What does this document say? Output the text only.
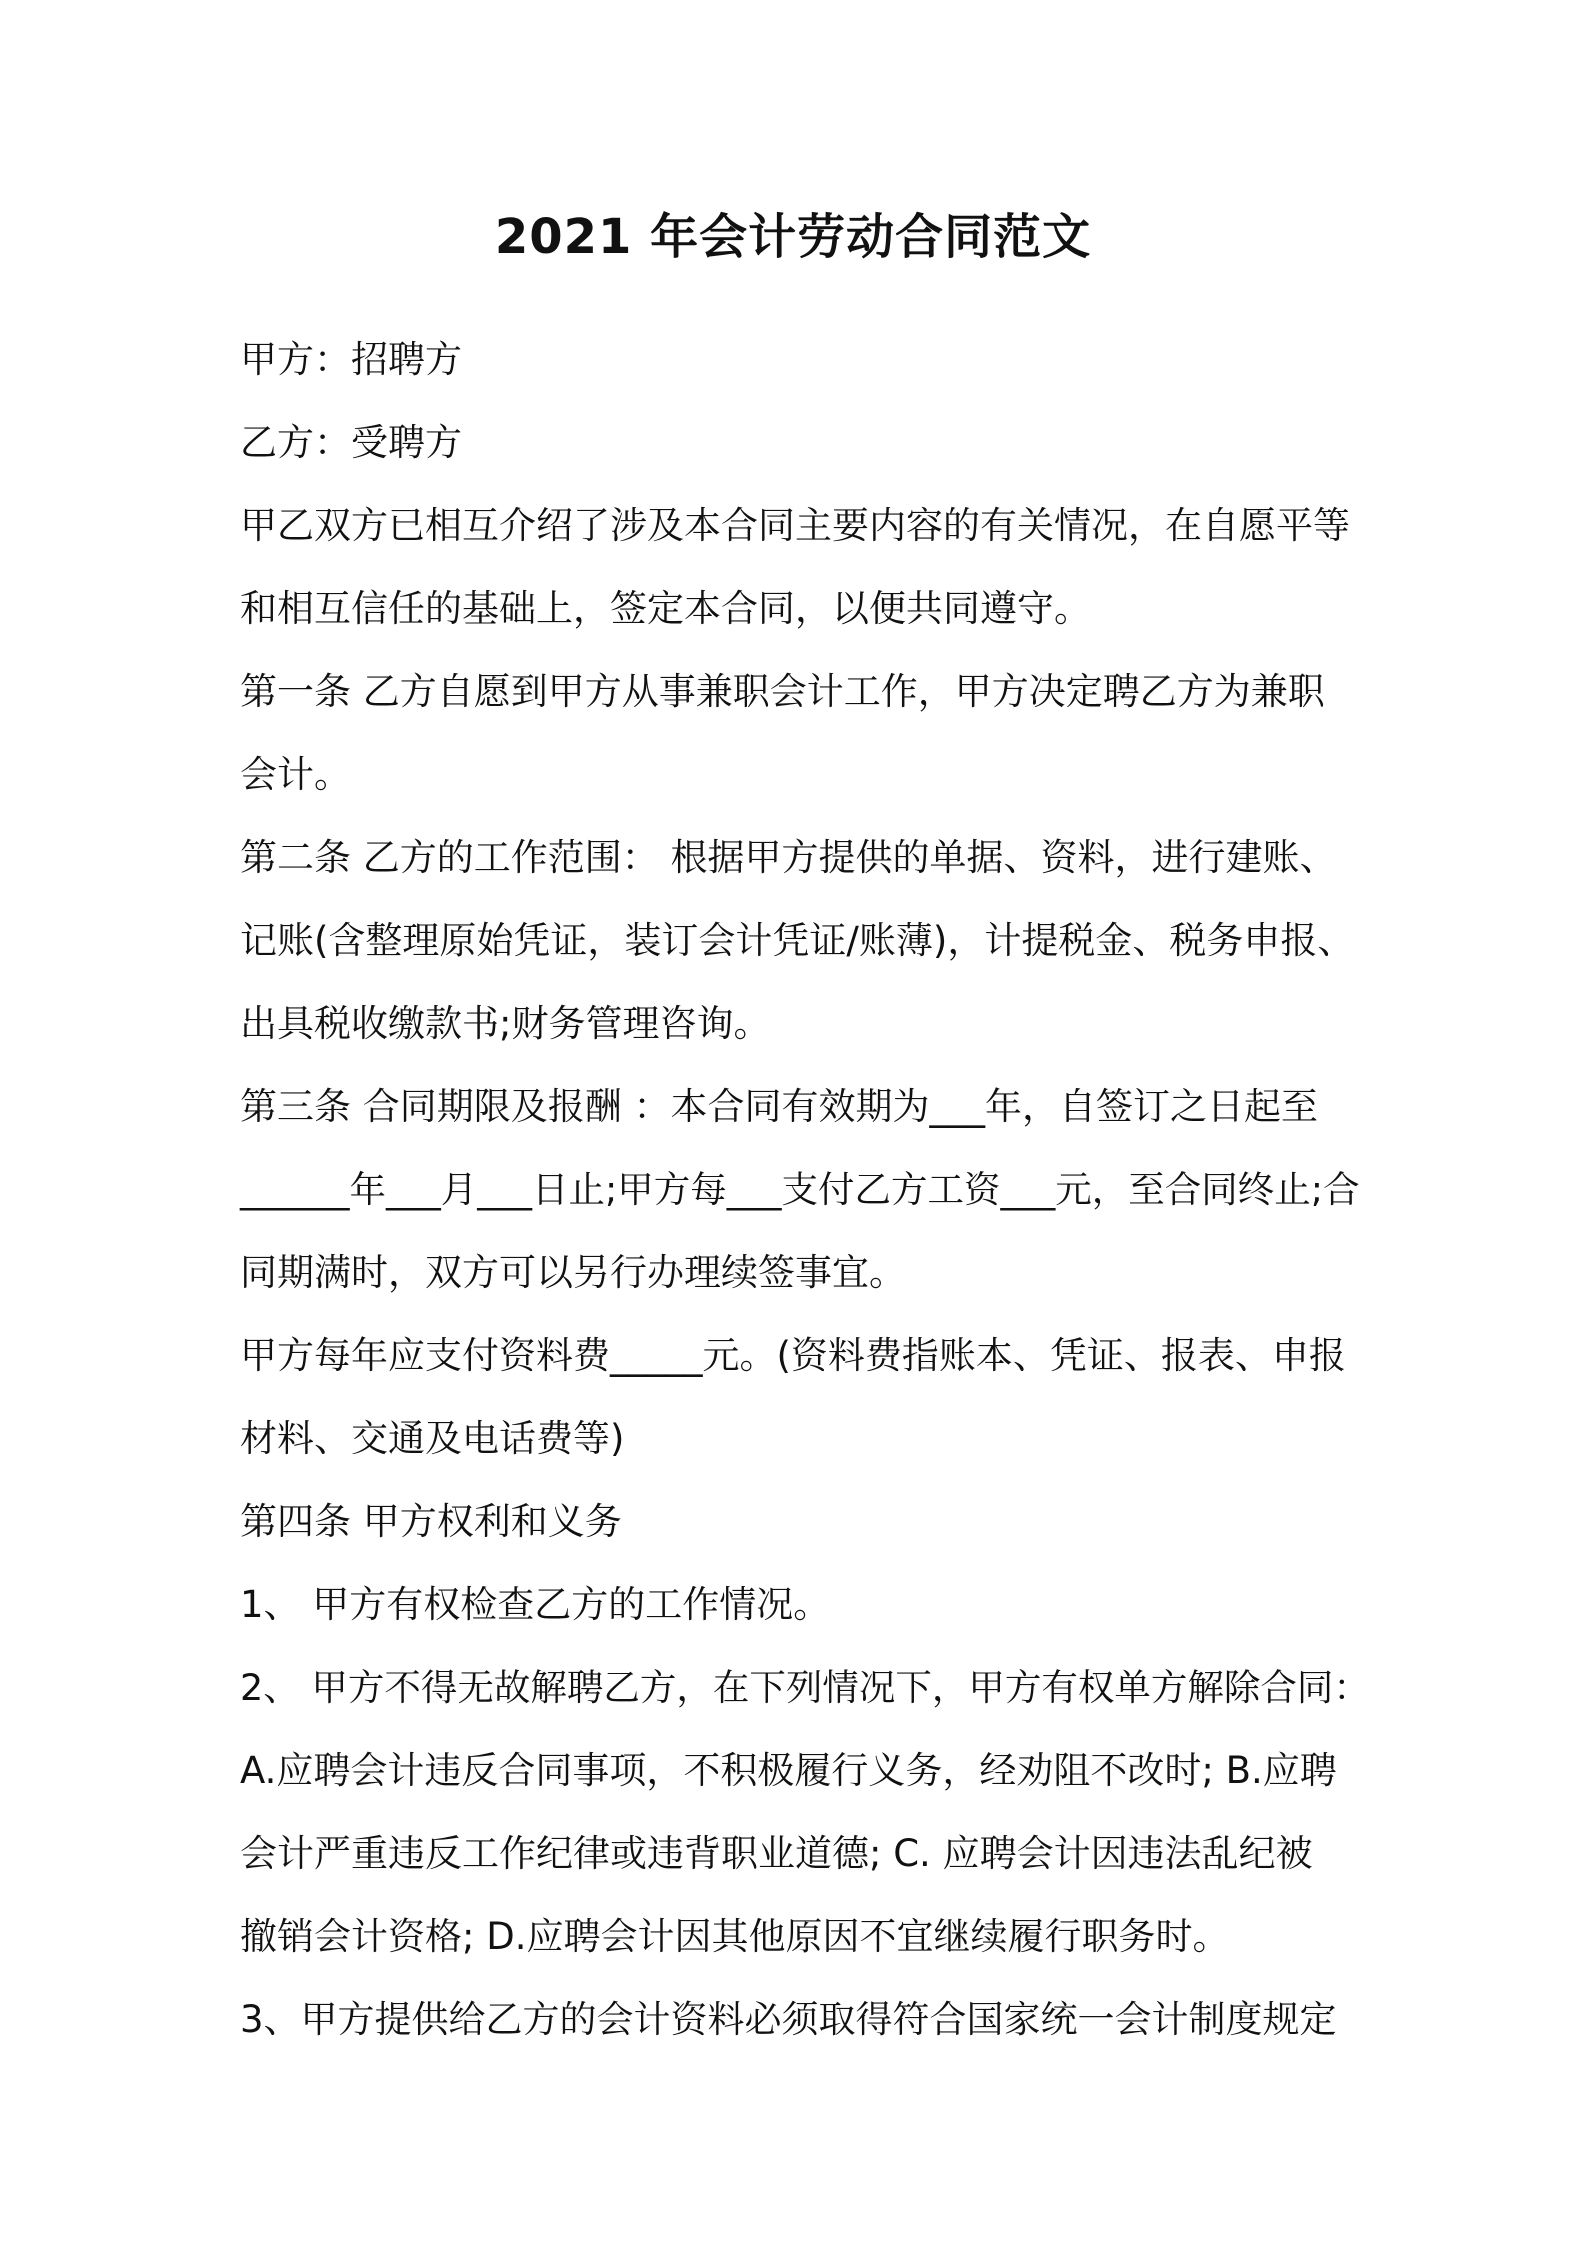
2021 年会计劳动合同范文
甲方：招聘方
乙方：受聘方
甲乙双方已相互介绍了涉及本合同主要内容的有关情况，在自愿平等
和相互信任的基础上，签定本合同，以便共同遵守。
第一条 乙方自愿到甲方从事兼职会计工作，甲方决定聘乙方为兼职
会计。
第二条 乙方的工作范围： 根据甲方提供的单据、资料，进行建账、
记账(含整理原始凭证，装订会计凭证/账薄)，计提税金、税务申报、
出具税收缴款书;财务管理咨询。
第三条 合同期限及报酬 ：本合同有效期为___年，自签订之日起至
______年___月___日止;甲方每___支付乙方工资___元，至合同终止;合
同期满时，双方可以另行办理续签事宜。
甲方每年应支付资料费_____元。(资料费指账本、凭证、报表、申报
材料、交通及电话费等)
第四条 甲方权利和义务
1、 甲方有权检查乙方的工作情况。
2、 甲方不得无故解聘乙方，在下列情况下，甲方有权单方解除合同：
A.应聘会计违反合同事项，不积极履行义务，经劝阻不改时; B.应聘
会计严重违反工作纪律或违背职业道德; C. 应聘会计因违法乱纪被
撤销会计资格; D.应聘会计因其他原因不宜继续履行职务时。
3、甲方提供给乙方的会计资料必须取得符合国家统一会计制度规定
